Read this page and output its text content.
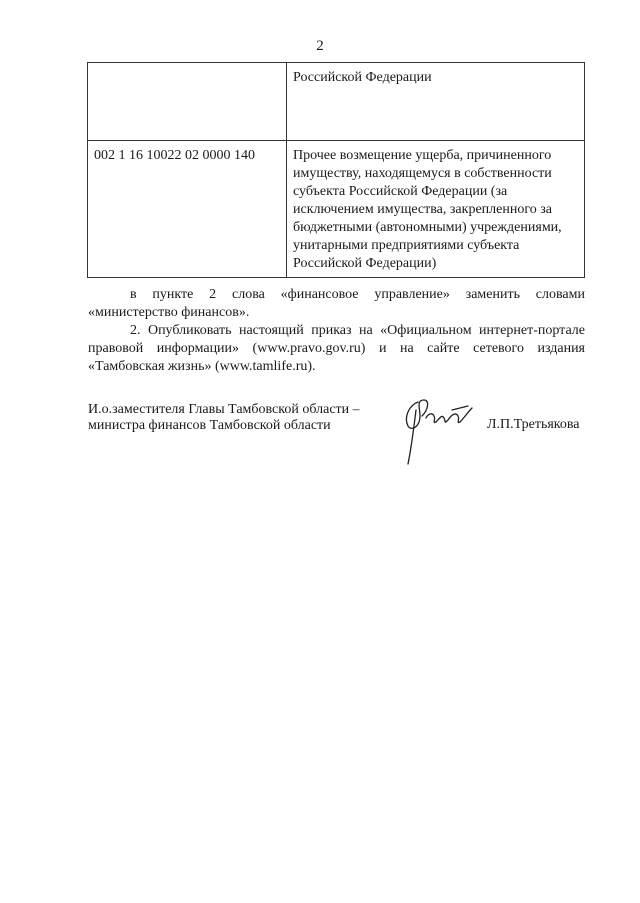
2
	Российской Федерации
002 1 16 10022 02 0000 140	Прочее возмещение ущерба, причиненного имуществу, находящемуся в собственности субъекта Российской Федерации (за исключением имущества, закрепленного за бюджетными (автономными) учреждениями, унитарными предприятиями субъекта Российской Федерации)
в пункте 2 слова «финансовое управление» заменить словами «министерство финансов».
2. Опубликовать настоящий приказ на «Официальном интернет-портале правовой информации» (www.pravo.gov.ru) и на сайте сетевого издания «Тамбовская жизнь» (www.tamlife.ru).
И.о.заместителя Главы Тамбовской области –
министра финансов Тамбовской области	Л.П.Третьякова
